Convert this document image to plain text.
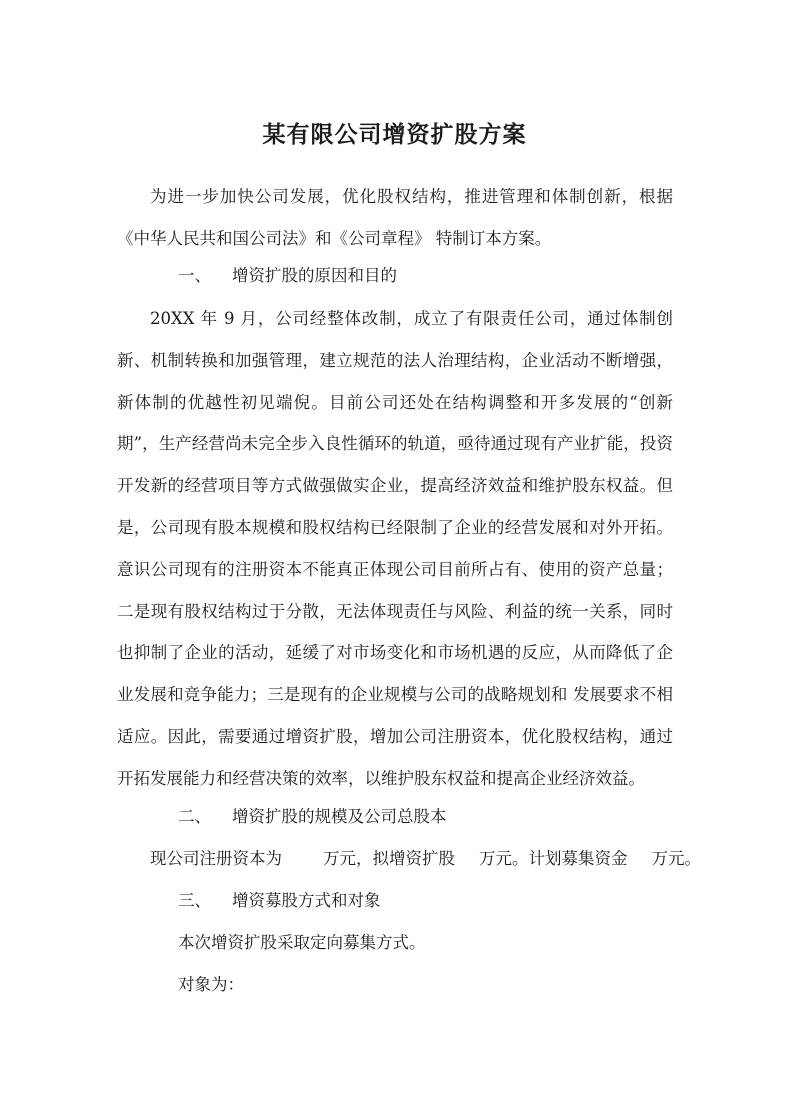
某有限公司增资扩股方案

为进一步加快公司发展，优化股权结构，推进管理和体制创新，根据《中华人民共和国公司法》和《公司章程》 特制订本方案。

一、 增资扩股的原因和目的

20XX 年 9 月，公司经整体改制，成立了有限责任公司，通过体制创新、机制转换和加强管理，建立规范的法人治理结构，企业活动不断增强，新体制的优越性初见端倪。目前公司还处在结构调整和开多发展的“创新期”，生产经营尚未完全步入良性循环的轨道，亟待通过现有产业扩能，投资开发新的经营项目等方式做强做实企业，提高经济效益和维护股东权益。但是，公司现有股本规模和股权结构已经限制了企业的经营发展和对外开拓。意识公司现有的注册资本不能真正体现公司目前所占有、使用的资产总量；二是现有股权结构过于分散，无法体现责任与风险、利益的统一关系，同时也抑制了企业的活动，延缓了对市场变化和市场机遇的反应，从而降低了企业发展和竞争能力；三是现有的企业规模与公司的战略规划和 发展要求不相适应。因此，需要通过增资扩股，增加公司注册资本，优化股权结构，通过开拓发展能力和经营决策的效率，以维护股东权益和提高企业经济效益。

二、 增资扩股的规模及公司总股本
现公司注册资本为 万元，拟增资扩股 万元。计划募集资金 万元。
三、 增资募股方式和对象
本次增资扩股采取定向募集方式。
对象为：
